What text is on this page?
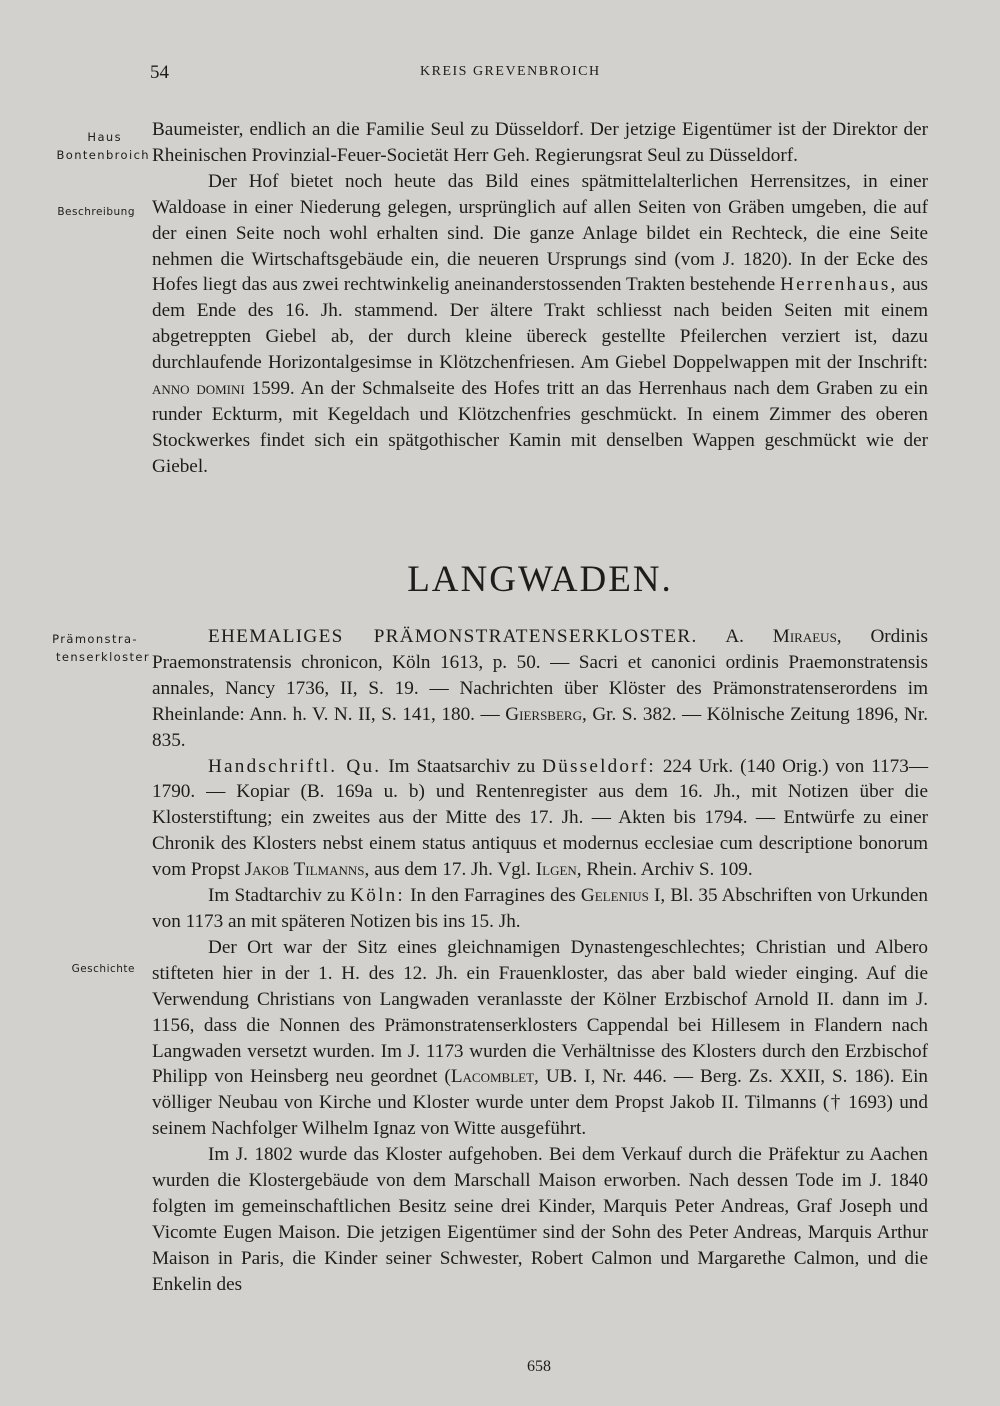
54	KREIS GREVENBROICH
Haus
Bontenbroich
Beschreibung
Prämonstra-
tenserkloster
Geschichte

Baumeister, endlich an die Familie Seul zu Düsseldorf. Der jetzige Eigentümer ist der Direktor der Rheinischen Provinzial-Feuer-Societät Herr Geh. Regierungsrat Seul zu Düsseldorf.

Der Hof bietet noch heute das Bild eines spätmittelalterlichen Herrensitzes, in einer Waldoase in einer Niederung gelegen, ursprünglich auf allen Seiten von Gräben umgeben, die auf der einen Seite noch wohl erhalten sind. Die ganze Anlage bildet ein Rechteck, die eine Seite nehmen die Wirtschaftsgebäude ein, die neueren Ursprungs sind (vom J. 1820). In der Ecke des Hofes liegt das aus zwei rechtwinkelig aneinanderstossenden Trakten bestehende Herrenhaus, aus dem Ende des 16. Jh. stammend. Der ältere Trakt schliesst nach beiden Seiten mit einem abgetreppten Giebel ab, der durch kleine übereck gestellte Pfeilerchen verziert ist, dazu durchlaufende Horizontalgesimse in Klötzchenfriesen. Am Giebel Doppelwappen mit der Inschrift: anno domini 1599. An der Schmalseite des Hofes tritt an das Herrenhaus nach dem Graben zu ein runder Eckturm, mit Kegeldach und Klötzchenfries geschmückt. In einem Zimmer des oberen Stockwerkes findet sich ein spätgothischer Kamin mit denselben Wappen geschmückt wie der Giebel.

LANGWADEN.

EHEMALIGES PRÄMONSTRATENSERKLOSTER. A. Miraeus, Ordinis Praemonstratensis chronicon, Köln 1613, p. 50. — Sacri et canonici ordinis Praemonstratensis annales, Nancy 1736, II, S. 19. — Nachrichten über Klöster des Prämonstratenserordens im Rheinlande: Ann. h. V. N. II, S. 141, 180. — Giersberg, Gr. S. 382. — Kölnische Zeitung 1896, Nr. 835.

Handschriftl. Qu. Im Staatsarchiv zu Düsseldorf: 224 Urk. (140 Orig.) von 1173—1790. — Kopiar (B. 169a u. b) und Rentenregister aus dem 16. Jh., mit Notizen über die Klosterstiftung; ein zweites aus der Mitte des 17. Jh. — Akten bis 1794. — Entwürfe zu einer Chronik des Klosters nebst einem status antiquus et modernus ecclesiae cum descriptione bonorum vom Propst Jakob Tilmanns, aus dem 17. Jh. Vgl. Ilgen, Rhein. Archiv S. 109.

Im Stadtarchiv zu Köln: In den Farragines des Gelenius I, Bl. 35 Abschriften von Urkunden von 1173 an mit späteren Notizen bis ins 15. Jh.

Der Ort war der Sitz eines gleichnamigen Dynastengeschlechtes; Christian und Albero stifteten hier in der 1. H. des 12. Jh. ein Frauenkloster, das aber bald wieder einging. Auf die Verwendung Christians von Langwaden veranlasste der Kölner Erzbischof Arnold II. dann im J. 1156, dass die Nonnen des Prämonstratenserklosters Cappendal bei Hillesem in Flandern nach Langwaden versetzt wurden. Im J. 1173 wurden die Verhältnisse des Klosters durch den Erzbischof Philipp von Heinsberg neu geordnet (Lacomblet, UB. I, Nr. 446. — Berg. Zs. XXII, S. 186). Ein völliger Neubau von Kirche und Kloster wurde unter dem Propst Jakob II. Tilmanns († 1693) und seinem Nachfolger Wilhelm Ignaz von Witte ausgeführt.

Im J. 1802 wurde das Kloster aufgehoben. Bei dem Verkauf durch die Präfektur zu Aachen wurden die Klostergebäude von dem Marschall Maison erworben. Nach dessen Tode im J. 1840 folgten im gemeinschaftlichen Besitz seine drei Kinder, Marquis Peter Andreas, Graf Joseph und Vicomte Eugen Maison. Die jetzigen Eigentümer sind der Sohn des Peter Andreas, Marquis Arthur Maison in Paris, die Kinder seiner Schwester, Robert Calmon und Margarethe Calmon, und die Enkelin des

658
